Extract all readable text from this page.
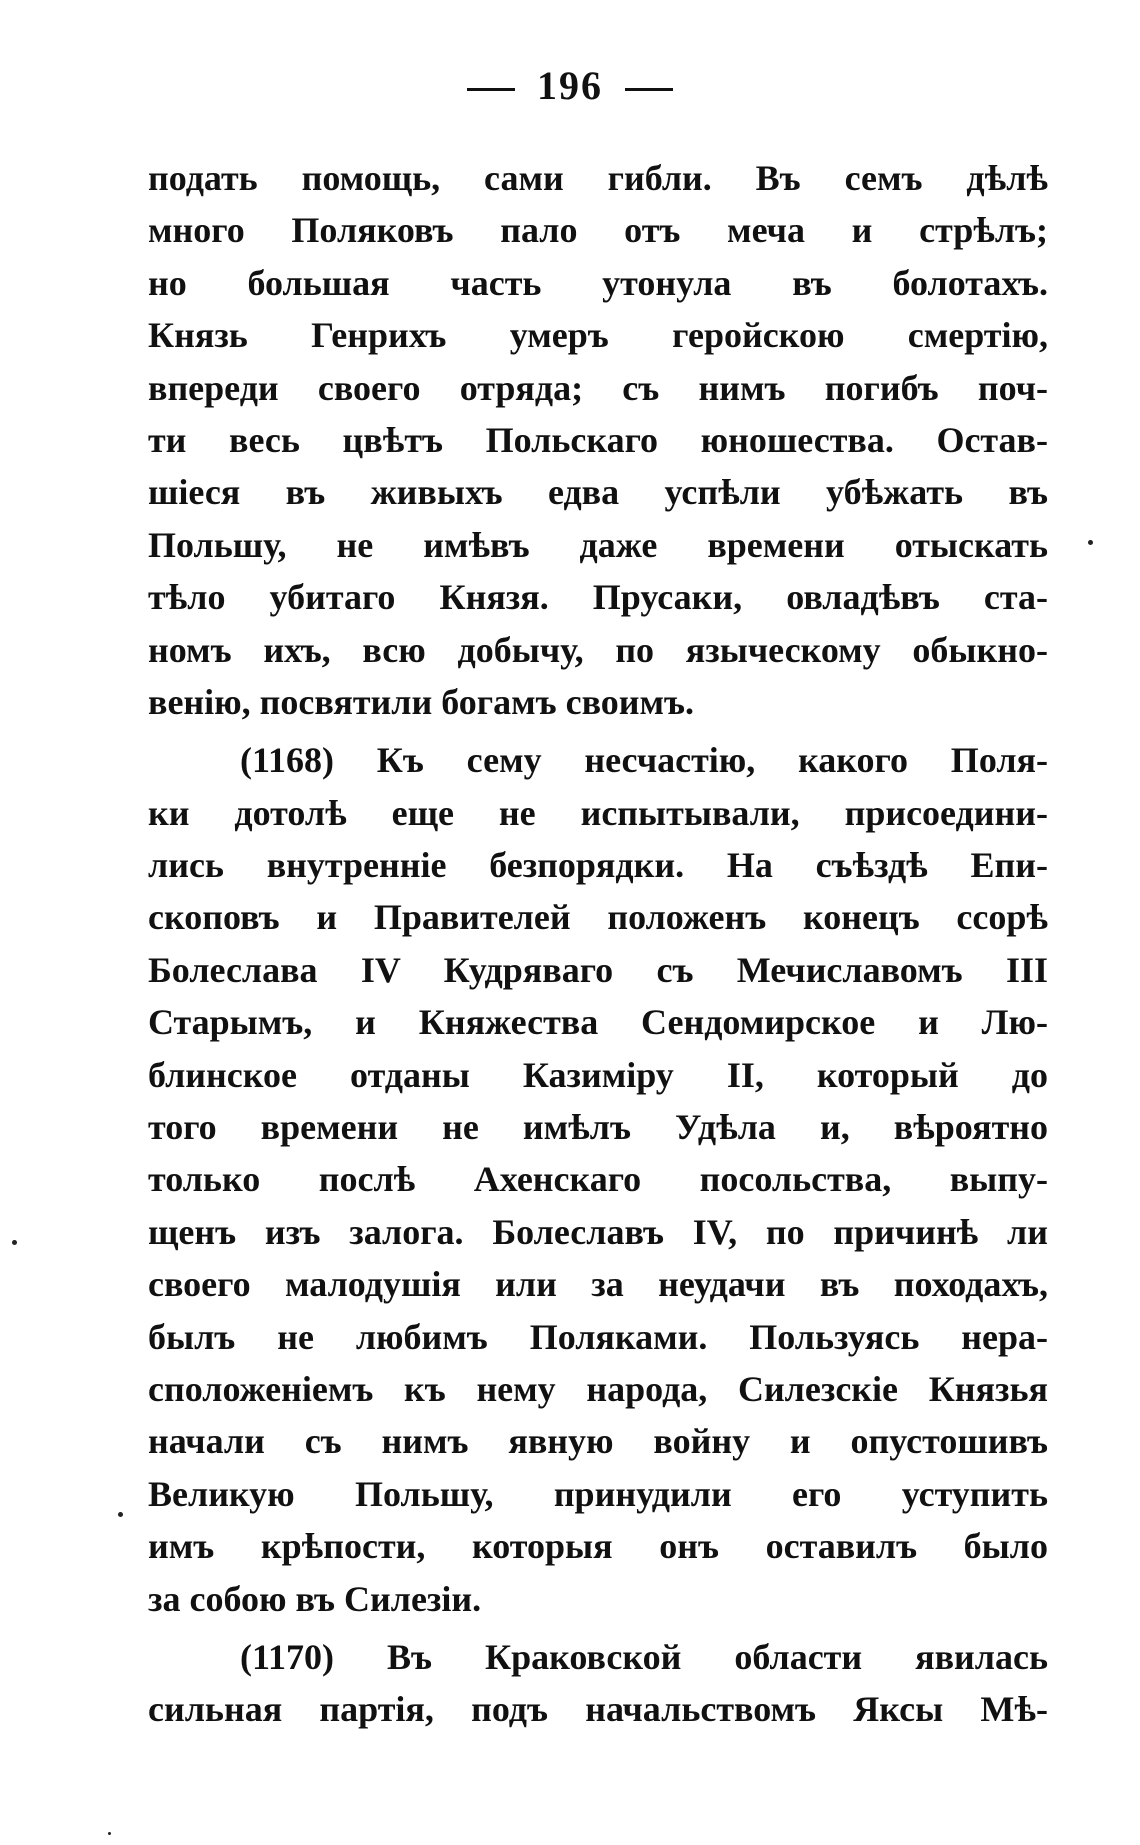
196
подать помощь, сами гибли. Въ семъ дѣлѣ
много Поляковъ пало отъ меча и стрѣлъ;
но большая часть утонула въ болотахъ.
Князь Генрихъ умеръ геройскою смертiю,
впереди своего отряда; съ нимъ погибъ поч-
ти весь цвѣтъ Польскаго юношества. Остав-
шiеся въ живыхъ едва успѣли убѣжать въ
Польшу, не имѣвъ даже времени отыскать
тѣло убитаго Князя. Прусаки, овладѣвъ ста-
номъ ихъ, всю добычу, по языческому обыкно-
венiю, посвятили богамъ своимъ.
(1168) Къ сему несчастiю, какого Поля-
ки дотолѣ еще не испытывали, присоедини-
лись внутреннiе безпорядки. На съѣздѣ Епи-
скоповъ и Правителей положенъ конецъ ссорѣ
Болеслава IV Кудряваго съ Мечиславомъ III
Старымъ, и Княжества Сендомирское и Лю-
блинское отданы Казимiру II, который до
того времени не имѣлъ Удѣла и, вѣроятно
только послѣ Ахенскаго посольства, выпу-
щенъ изъ залога. Болеславъ IV, по причинѣ ли
своего малодушiя или за неудачи въ походахъ,
былъ не любимъ Поляками. Пользуясь нера-
сположенiемъ къ нему народа, Силезскiе Князья
начали съ нимъ явную войну и опустошивъ
Великую Польшу, принудили его уступить
имъ крѣпости, которыя онъ оставилъ было
за собою въ Силезiи.
(1170) Въ Краковской области явилась
сильная партiя, подъ начальствомъ Яксы Мѣ-
